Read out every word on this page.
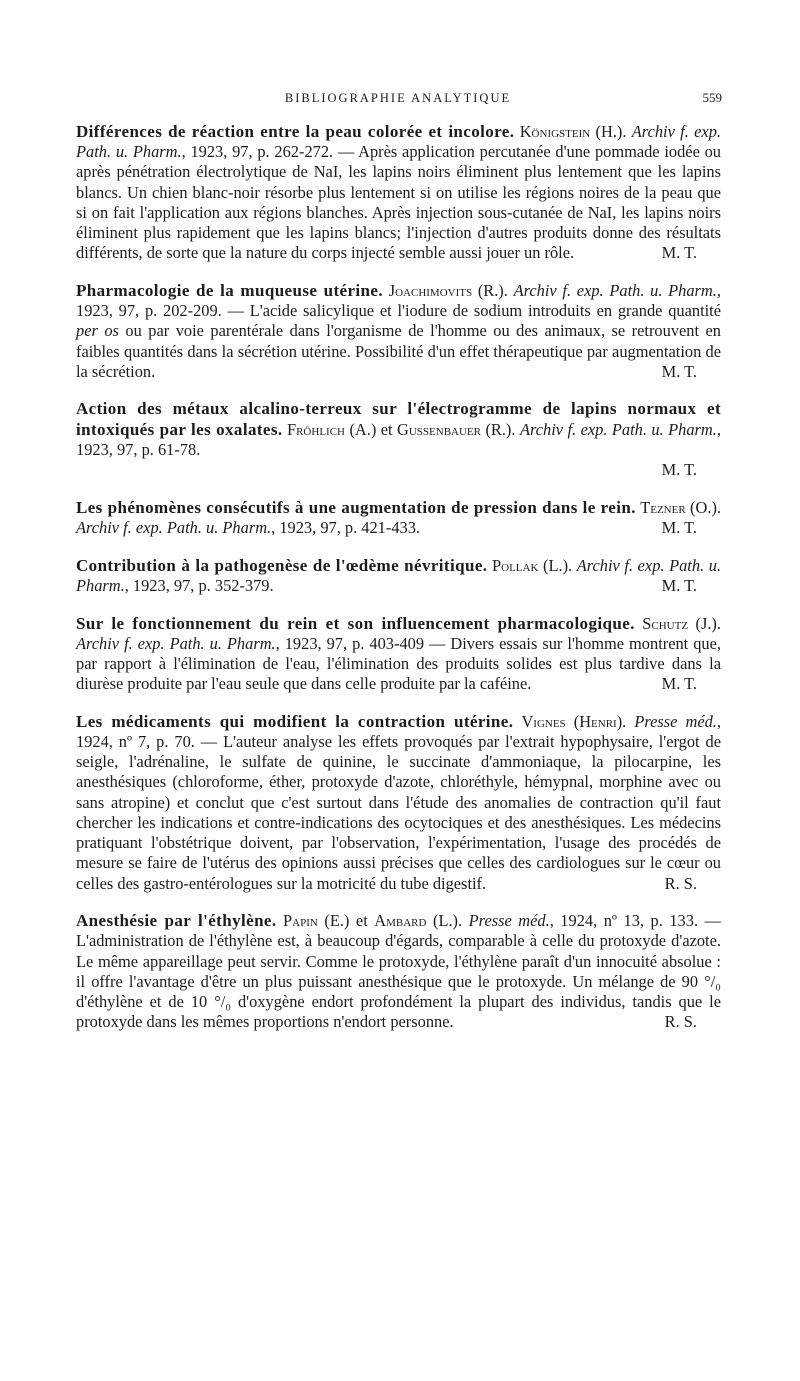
BIBLIOGRAPHIE ANALYTIQUE	559

Différences de réaction entre la peau colorée et incolore. Königstein (H.). Archiv f. exp. Path. u. Pharm., 1923, 97, p. 262-272. — Après application percutanée d'une pommade iodée ou après pénétration électrolytique de NaI, les lapins noirs éliminent plus lentement que les lapins blancs. Un chien blanc-noir résorbe plus lentement si on utilise les régions noires de la peau que si on fait l'application aux régions blanches. Après injection sous-cutanée de NaI, les lapins noirs éliminent plus rapidement que les lapins blancs; l'injection d'autres produits donne des résultats différents, de sorte que la nature du corps injecté semble aussi jouer un rôle.	M. T.

Pharmacologie de la muqueuse utérine. Joachimovits (R.). Archiv f. exp. Path. u. Pharm., 1923, 97, p. 202-209. — L'acide salicylique et l'iodure de sodium introduits en grande quantité per os ou par voie parentérale dans l'organisme de l'homme ou des animaux, se retrouvent en faibles quantités dans la sécrétion utérine. Possibilité d'un effet thérapeutique par augmentation de la sécrétion.	M. T.

Action des métaux alcalino-terreux sur l'électrogramme de lapins normaux et intoxiqués par les oxalates. Fröhlich (A.) et Gussenbauer (R.). Archiv f. exp. Path. u. Pharm., 1923, 97, p. 61-78.
M. T.

Les phénomènes consécutifs à une augmentation de pression dans le rein. Tezner (O.). Archiv f. exp. Path. u. Pharm., 1923, 97, p. 421-433.	M. T.

Contribution à la pathogenèse de l'œdème névritique. Pollak (L.). Archiv f. exp. Path. u. Pharm., 1923, 97, p. 352-379.	M. T.

Sur le fonctionnement du rein et son influencement pharmacologique. Schutz (J.). Archiv f. exp. Path. u. Pharm., 1923, 97, p. 403-409 — Divers essais sur l'homme montrent que, par rapport à l'élimination de l'eau, l'élimination des produits solides est plus tardive dans la diurèse produite par l'eau seule que dans celle produite par la caféine.	M. T.

Les médicaments qui modifient la contraction utérine. Vignes (Henri). Presse méd., 1924, nº 7, p. 70. — L'auteur analyse les effets provoqués par l'extrait hypophysaire, l'ergot de seigle, l'adrénaline, le sulfate de quinine, le succinate d'ammoniaque, la pilocarpine, les anesthésiques (chloroforme, éther, protoxyde d'azote, chloréthyle, hémypnal, morphine avec ou sans atropine) et conclut que c'est surtout dans l'étude des anomalies de contraction qu'il faut chercher les indications et contre-indications des ocytociques et des anesthésiques. Les médecins pratiquant l'obstétrique doivent, par l'observation, l'expérimentation, l'usage des procédés de mesure se faire de l'utérus des opinions aussi précises que celles des cardiologues sur le cœur ou celles des gastro-entérologues sur la motricité du tube digestif.	R. S.

Anesthésie par l'éthylène. Papin (E.) et Ambard (L.). Presse méd., 1924, nº 13, p. 133. — L'administration de l'éthylène est, à beaucoup d'égards, comparable à celle du protoxyde d'azote. Le même appareillage peut servir. Comme le protoxyde, l'éthylène paraît d'un innocuité absolue : il offre l'avantage d'être un plus puissant anesthésique que le protoxyde. Un mélange de 90 °/₀ d'éthylène et de 10 °/₀ d'oxygène endort profondément la plupart des individus, tandis que le protoxyde dans les mêmes proportions n'endort personne.	R. S.
